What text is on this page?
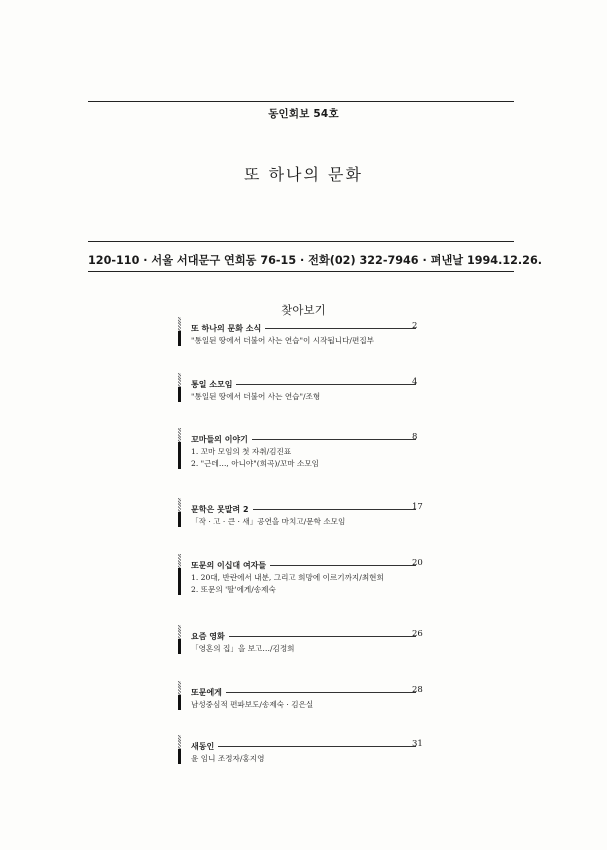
동인회보 54호
또 하나의 문화
120-110 · 서울 서대문구 연희동 76-15 · 전화(02) 322-7946 · 펴낸날 1994.12.26.
찾아보기
또 하나의 문화 소식	2
"통일된 땅에서 더불어 사는 연습"이 시작됩니다/편집부
통일 소모임	4
"통일된 땅에서 더불어 사는 연습"/조형
꼬마들의 이야기	8
1. 꼬마 모임의 첫 자취/김진표
2. "근데…, 아니야"(희곡)/꼬마 소모임
문학은 못말려 2	17
「작 · 고 · 큰 · 새」공연을 마치고/문학 소모임
또문의 이십대 여자들	20
1. 20대, 반란에서 내분, 그리고 희망에 이르기까지/최현희
2. 또문의 '딸'에게/송제숙
요즘 영화	26
「영혼의 집」을 보고…/김정희
또문에게	28
남성중심적 편파보도/송제숙 · 김은실
새동인	31
윤 임니 조정자/홍지영
